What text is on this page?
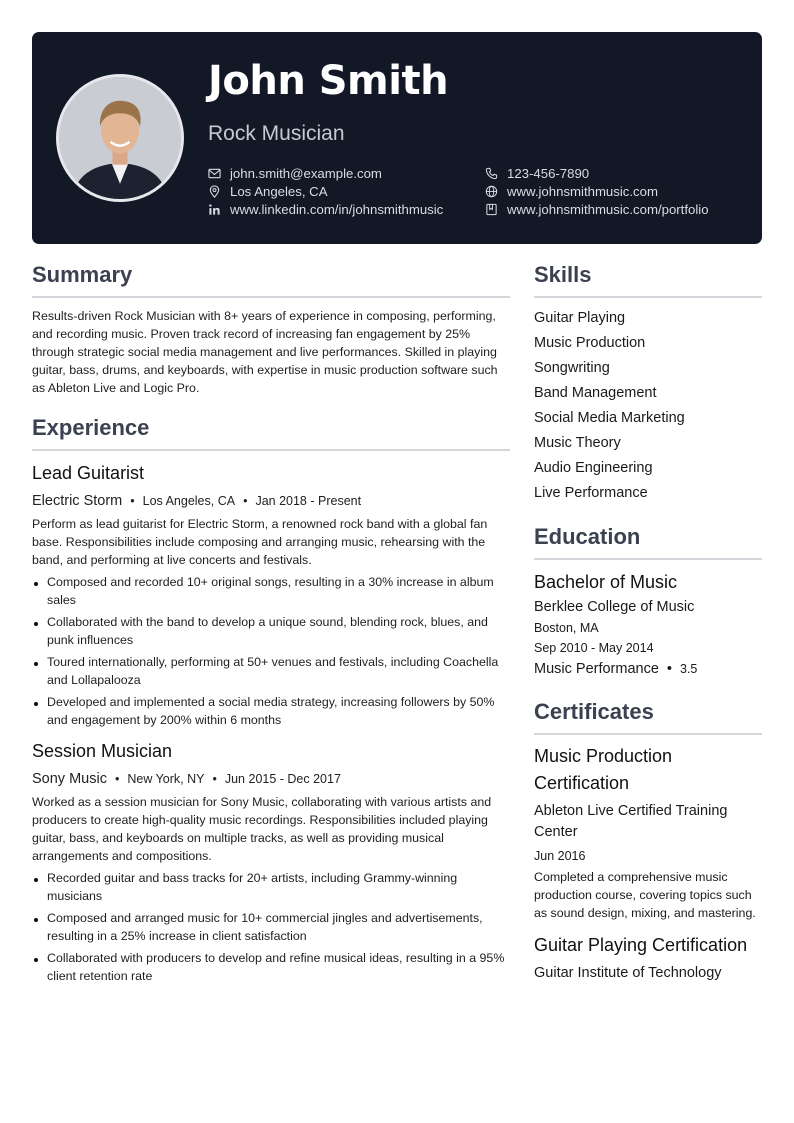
John Smith
Rock Musician
john.smith@example.com
Los Angeles, CA
www.linkedin.com/in/johnsmithmusic
123-456-7890
www.johnsmithmusic.com
www.johnsmithmusic.com/portfolio
Summary

Results-driven Rock Musician with 8+ years of experience in composing, performing, and recording music. Proven track record of increasing fan engagement by 25% through strategic social media management and live performances. Skilled in playing guitar, bass, drums, and keyboards, with expertise in music production software such as Ableton Live and Logic Pro.

Experience
Lead Guitarist
Electric Storm • Los Angeles, CA • Jan 2018 - Present

Perform as lead guitarist for Electric Storm, a renowned rock band with a global fan base. Responsibilities include composing and arranging music, rehearsing with the band, and performing at live concerts and festivals.

Composed and recorded 10+ original songs, resulting in a 30% increase in album sales
Collaborated with the band to develop a unique sound, blending rock, blues, and punk influences
Toured internationally, performing at 50+ venues and festivals, including Coachella and Lollapalooza
Developed and implemented a social media strategy, increasing followers by 50% and engagement by 200% within 6 months
Session Musician
Sony Music • New York, NY • Jun 2015 - Dec 2017

Worked as a session musician for Sony Music, collaborating with various artists and producers to create high-quality music recordings. Responsibilities included playing guitar, bass, and keyboards on multiple tracks, as well as providing musical arrangements and compositions.

Recorded guitar and bass tracks for 20+ artists, including Grammy-winning musicians
Composed and arranged music for 10+ commercial jingles and advertisements, resulting in a 25% increase in client satisfaction
Collaborated with producers to develop and refine musical ideas, resulting in a 95% client retention rate
Skills
Guitar Playing
Music Production
Songwriting
Band Management
Social Media Marketing
Music Theory
Audio Engineering
Live Performance
Education
Bachelor of Music
Berklee College of Music
Boston, MA
Sep 2010 - May 2014
Music Performance • 3.5
Certificates
Music Production Certification
Ableton Live Certified Training Center
Jun 2016
Completed a comprehensive music production course, covering topics such as sound design, mixing, and mastering.
Guitar Playing Certification
Guitar Institute of Technology
